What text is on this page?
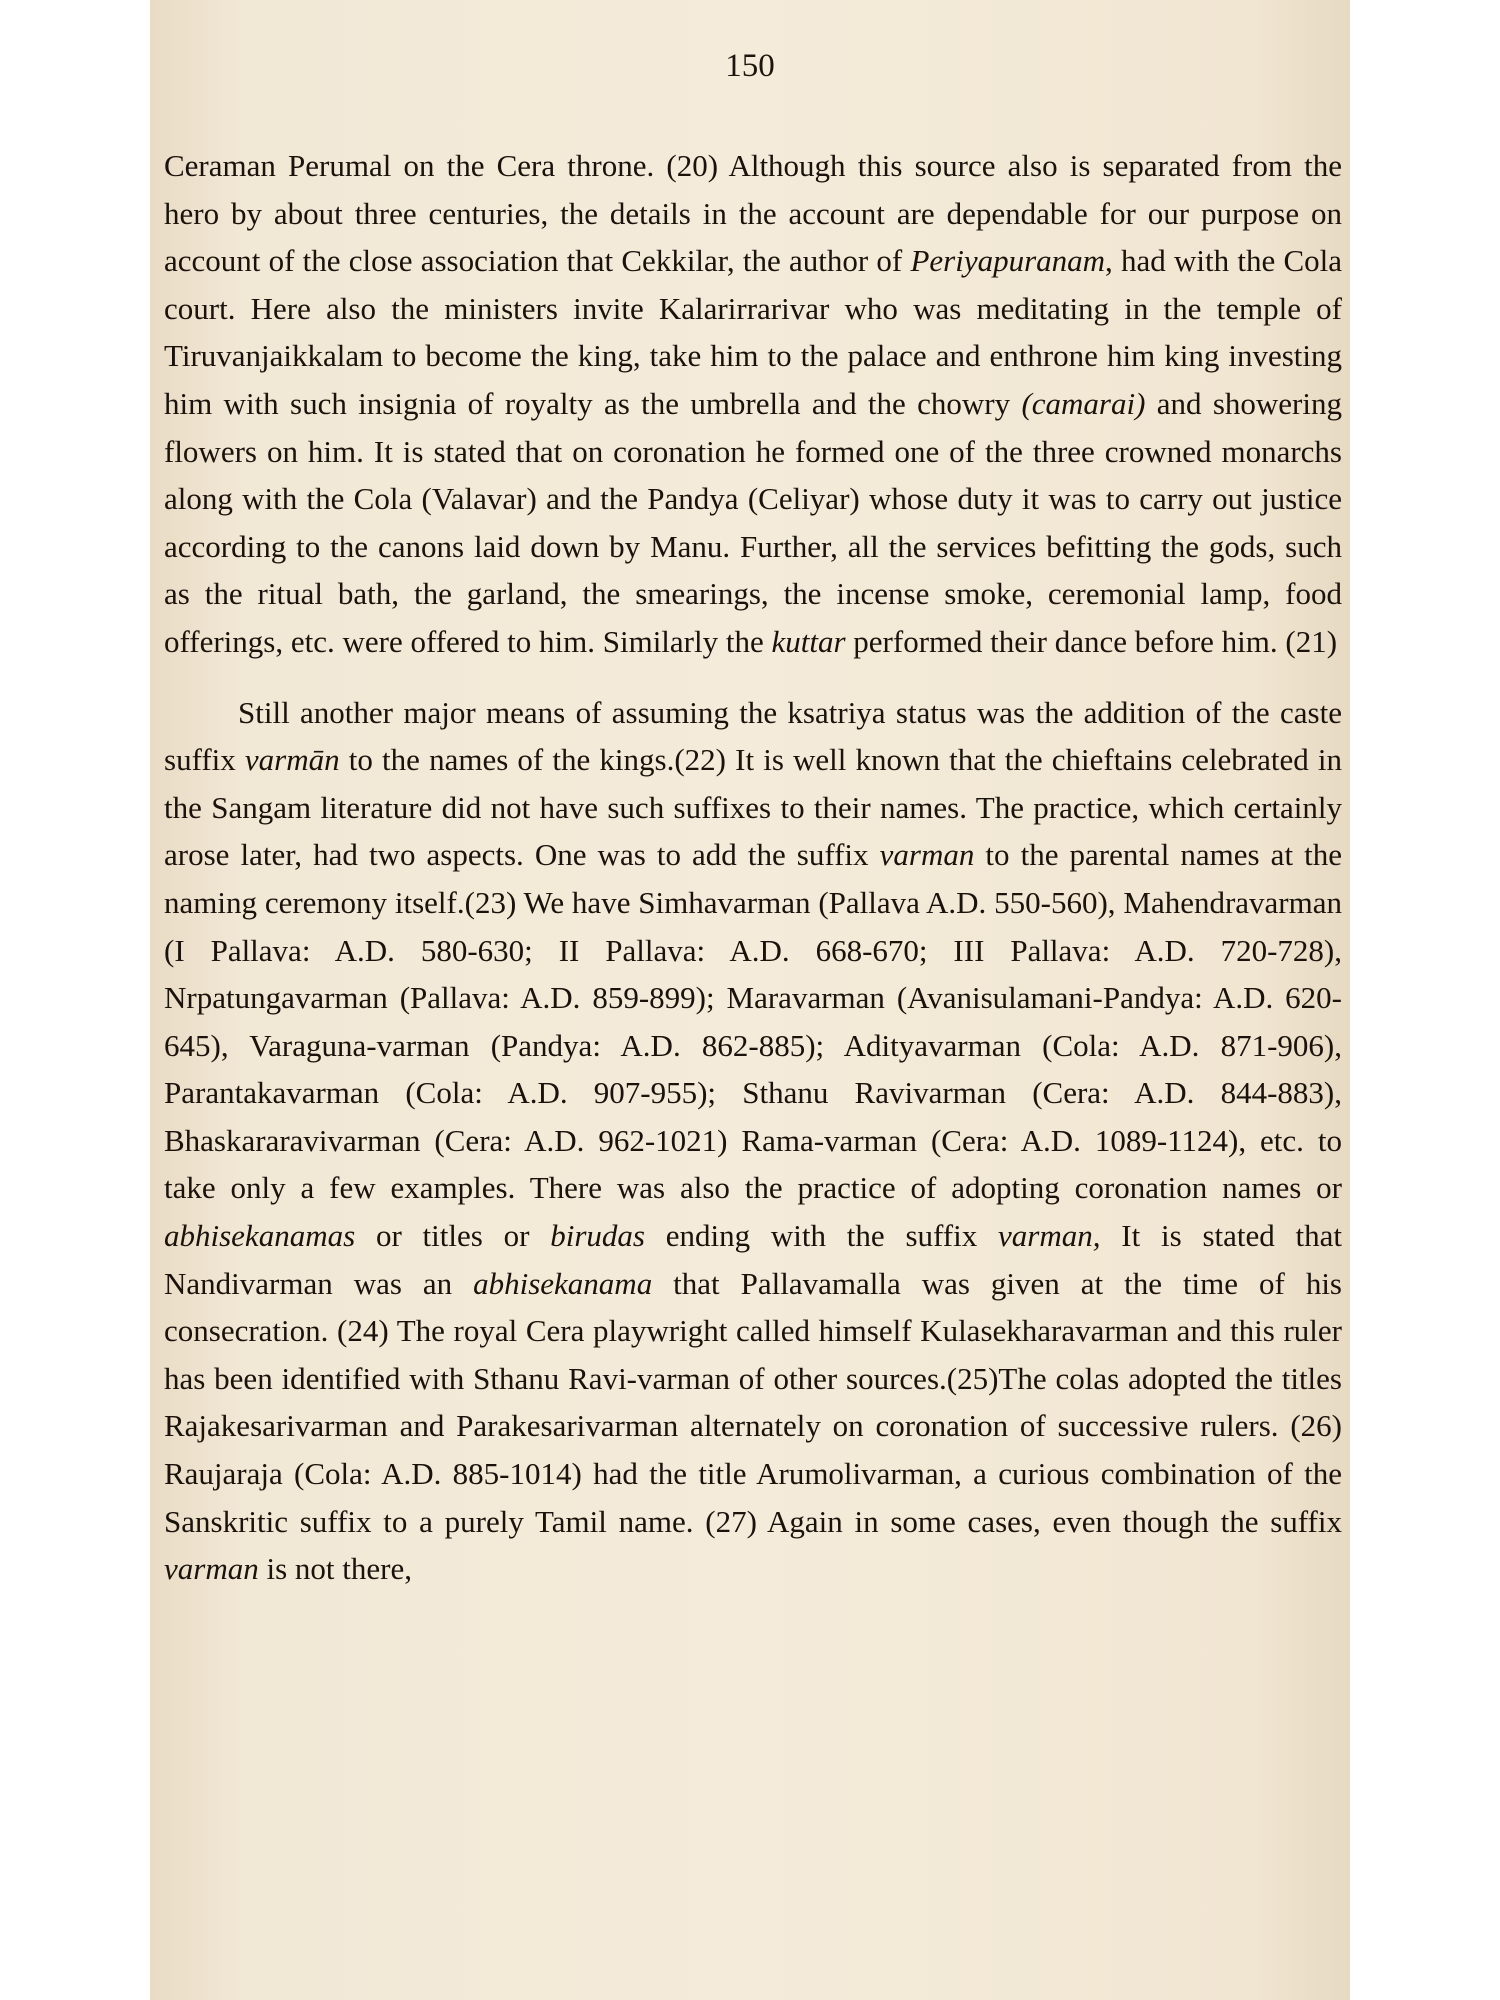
150

Ceraman Perumal on the Cera throne. (20) Although this source also is separated from the hero by about three centuries, the details in the account are dependable for our purpose on account of the close association that Cekkilar, the author of Periyapuranam, had with the Cola court. Here also the ministers invite Kalarirrarivar who was meditating in the temple of Tiruvanjaikkalam to become the king, take him to the palace and enthrone him king investing him with such insignia of royalty as the umbrella and the chowry (camarai) and showering flowers on him. It is stated that on coronation he formed one of the three crowned monarchs along with the Cola (Valavar) and the Pandya (Celiyar) whose duty it was to carry out justice according to the canons laid down by Manu. Further, all the services befitting the gods, such as the ritual bath, the garland, the smearings, the incense smoke, ceremonial lamp, food offerings, etc. were offered to him. Similarly the kuttar performed their dance before him. (21)

Still another major means of assuming the ksatriya status was the addition of the caste suffix varmān to the names of the kings.(22) It is well known that the chieftains celebrated in the Sangam literature did not have such suffixes to their names. The practice, which certainly arose later, had two aspects. One was to add the suffix varman to the parental names at the naming ceremony itself.(23) We have Simhavarman (Pallava A.D. 550-560), Mahendravarman (I Pallava: A.D. 580-630; II Pallava: A.D. 668-670; III Pallava: A.D. 720-728), Nrpatungavarman (Pallava: A.D. 859-899); Maravarman (Avanisulamani-Pandya: A.D. 620-645), Varaguna-varman (Pandya: A.D. 862-885); Adityavarman (Cola: A.D. 871-906), Parantakavarman (Cola: A.D. 907-955); Sthanu Ravivarman (Cera: A.D. 844-883), Bhaskararavivarman (Cera: A.D. 962-1021) Rama-varman (Cera: A.D. 1089-1124), etc. to take only a few examples. There was also the practice of adopting coronation names or abhisekanamas or titles or birudas ending with the suffix varman, It is stated that Nandivarman was an abhisekanama that Pallavamalla was given at the time of his consecration. (24) The royal Cera playwright called himself Kulasekharavarman and this ruler has been identified with Sthanu Ravi-varman of other sources.(25)The colas adopted the titles Rajakesarivarman and Parakesarivarman alternately on coronation of successive rulers. (26) Raujaraja (Cola: A.D. 885-1014) had the title Arumolivarman, a curious combination of the Sanskritic suffix to a purely Tamil name. (27) Again in some cases, even though the suffix varman is not there,
